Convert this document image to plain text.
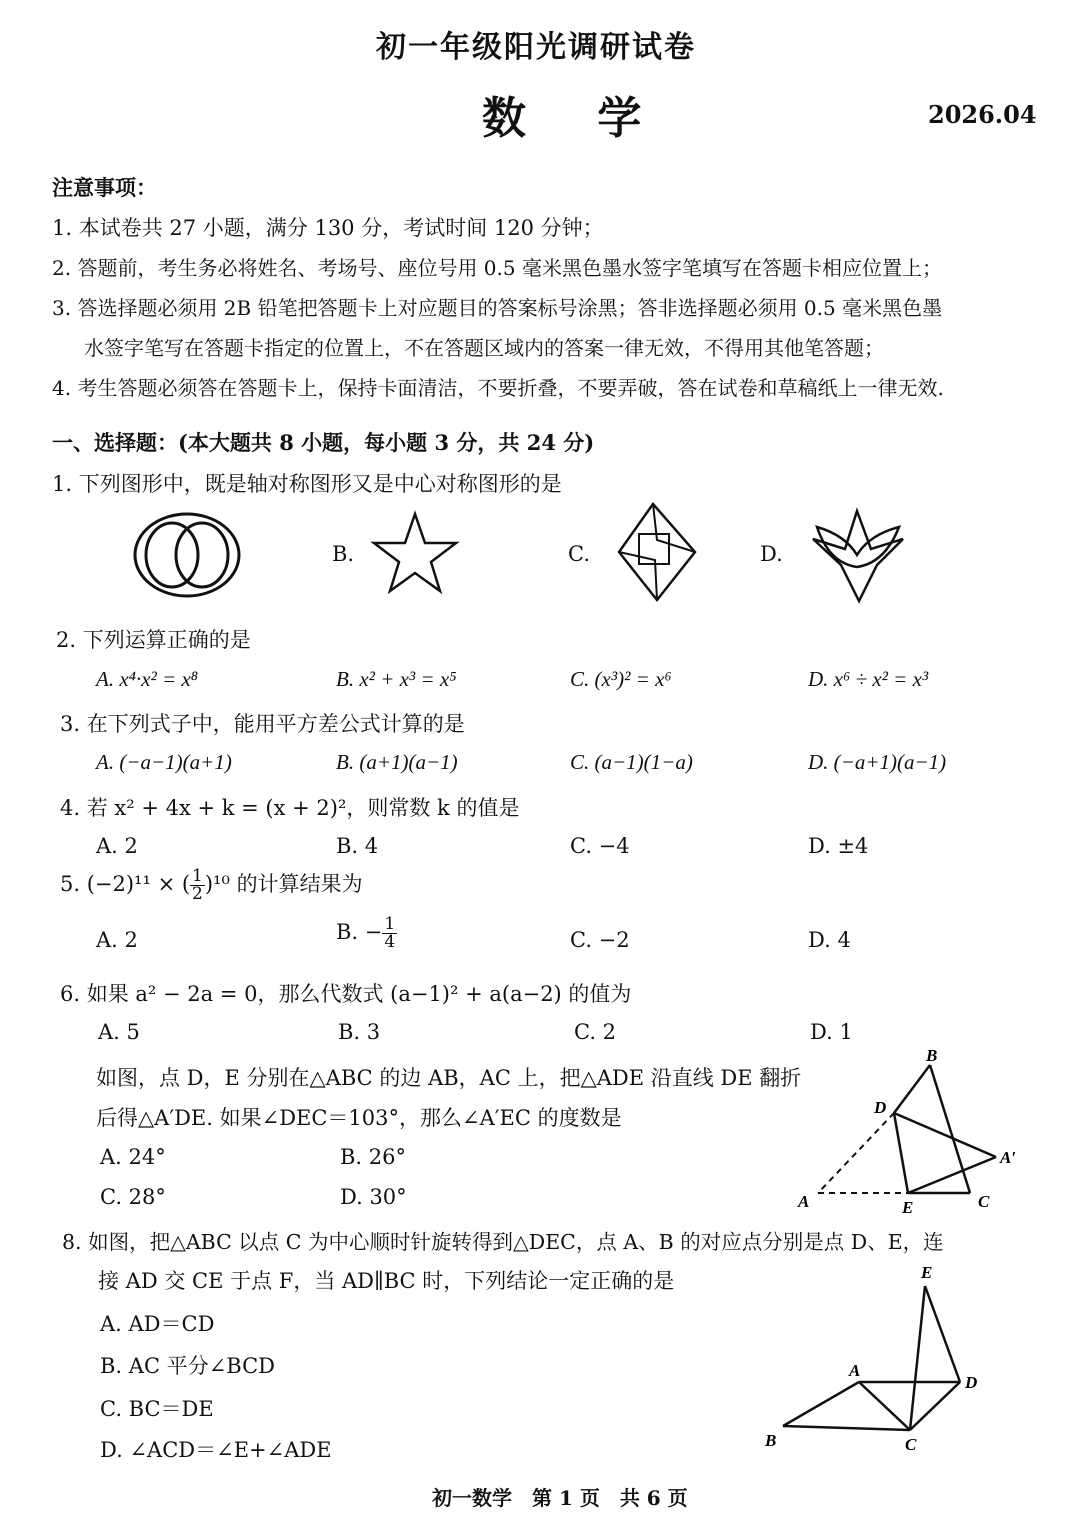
初一年级阳光调研试卷
数 学	2026.04
注意事项：
1. 本试卷共 27 小题，满分 130 分，考试时间 120 分钟；
2. 答题前，考生务必将姓名、考场号、座位号用 0.5 毫米黑色墨水签字笔填写在答题卡相应位置上；
3. 答选择题必须用 2B 铅笔把答题卡上对应题目的答案标号涂黑；答非选择题必须用 0.5 毫米黑色墨
水签字笔写在答题卡指定的位置上，不在答题区域内的答案一律无效，不得用其他笔答题；
4. 考生答题必须答在答题卡上，保持卡面清洁，不要折叠，不要弄破，答在试卷和草稿纸上一律无效.
一、选择题：(本大题共 8 小题，每小题 3 分，共 24 分)
1. 下列图形中，既是轴对称图形又是中心对称图形的是
B.	C.	D.
2. 下列运算正确的是
A. x⁴·x² = x⁸	B. x² + x³ = x⁵	C. (x³)² = x⁶	D. x⁶ ÷ x² = x³
3. 在下列式子中，能用平方差公式计算的是
A. (−a−1)(a+1)	B. (a+1)(a−1)	C. (a−1)(1−a)	D. (−a+1)(a−1)
4. 若 x² + 4x + k = (x + 2)²，则常数 k 的值是
A. 2	B. 4	C. −4	D. ±4
5. (−2)¹¹ × ( $\frac{1}{2} )^{10}$ 的计算结果为
A. 2	B. − $\frac{1}{4}$	C. −2	D. 4
6. 如果 a² − 2a = 0，那么代数式 (a−1)² + a(a−2) 的值为
A. 5	B. 3	C. 2	D. 1
如图，点 D，E 分别在△ABC 的边 AB，AC 上，把△ADE 沿直线 DE 翻折
后得△A′DE. 如果∠DEC＝103°，那么∠A′EC 的度数是
A. 24°	B. 26°
C. 28°	D. 30°
B
D
A′
A	E	C
8. 如图，把△ABC 以点 C 为中心顺时针旋转得到△DEC，点 A、B 的对应点分别是点 D、E，连
接 AD 交 CE 于点 F，当 AD∥BC 时，下列结论一定正确的是
A. AD＝CD
B. AC 平分∠BCD
C. BC＝DE
D. ∠ACD＝∠E+∠ADE
E
A
D
B	C
初一数学　第 1 页　共 6 页
